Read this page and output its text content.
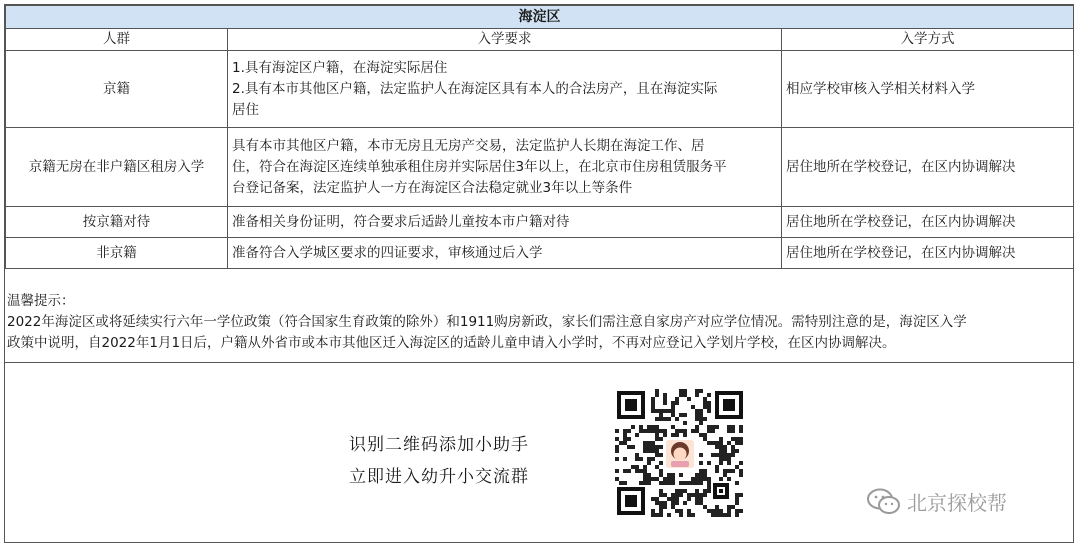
海淀区		
人群	入学要求	入学方式
京籍	1.具有海淀区户籍，在海淀实际居住
2.具有本市其他区户籍，法定监护人在海淀区具有本人的合法房产，且在海淀实际
居住	相应学校审核入学相关材料入学
京籍无房在非户籍区租房入学	具有本市其他区户籍，本市无房且无房产交易，法定监护人长期在海淀工作、居
住，符合在海淀区连续单独承租住房并实际居住3年以上，在北京市住房租赁服务平
台登记备案，法定监护人一方在海淀区合法稳定就业3年以上等条件	居住地所在学校登记，在区内协调解决
按京籍对待	准备相关身份证明，符合要求后适龄儿童按本市户籍对待	居住地所在学校登记，在区内协调解决
非京籍	准备符合入学城区要求的四证要求，审核通过后入学	居住地所在学校登记，在区内协调解决
温馨提示：
2022年海淀区或将延续实行六年一学位政策（符合国家生育政策的除外）和1911购房新政，家长们需注意自家房产对应学位情况。需特别注意的是，海淀区入学
政策中说明，自2022年1月1日后，户籍从外省市或本市其他区迁入海淀区的适龄儿童申请入小学时，不再对应登记入学划片学校，在区内协调解决。
识别二维码添加小助手
立即进入幼升小交流群
北京探校帮
